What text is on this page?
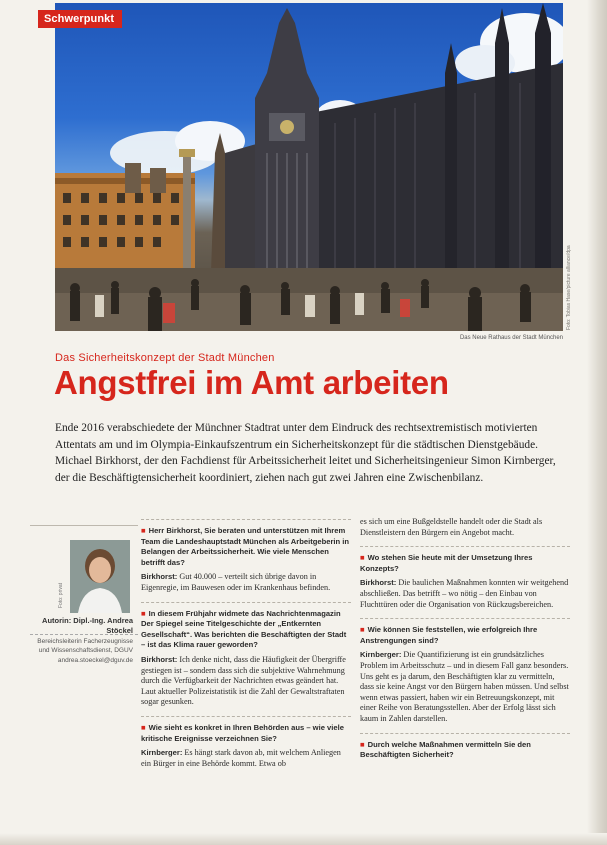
Schwerpunkt
Foto: Tobias Hase/picture alliance/dpa
Das Neue Rathaus der Stadt München
Das Sicherheitskonzept der Stadt München
Angstfrei im Amt arbeiten
Ende 2016 verabschiedete der Münchner Stadtrat unter dem Eindruck des rechtsextremistisch motivierten Attentats am und im Olympia-Einkaufszentrum ein Sicherheitskonzept für die städtischen Dienstgebäude. Michael Birkhorst, der den Fachdienst für Arbeitssicherheit leitet und Sicherheitsingenieur Simon Kirnberger, der die Beschäftigtensicherheit koordiniert, ziehen nach gut zwei Jahren eine Zwischenbilanz.
Foto: privat
Autorin: Dipl.-Ing. Andrea Stöckel
Bereichsleiterin Facherzeugnisse und Wissenschaftsdienst, DGUV
andrea.stoeckel@dguv.de
■ Herr Birkhorst, Sie beraten und unterstützen mit Ihrem Team die Landeshauptstadt München als Arbeitgeberin in Belangen der Arbeitssicherheit. Wie viele Menschen betrifft das?
Birkhorst: Gut 40.000 – verteilt sich übrige davon in Eigenregie, im Bauwesen oder im Krankenhaus befinden.
■ In diesem Frühjahr widmete das Nachrichtenmagazin Der Spiegel seine Titelgeschichte der „Entkernten Gesellschaft“. Was berichten die Beschäftigten der Stadt – ist das Klima rauer geworden?
Birkhorst: Ich denke nicht, dass die Häufigkeit der Übergriffe gestiegen ist – sondern dass sich die subjektive Wahrnehmung durch die Verfügbarkeit der Nachrichten etwas geändert hat. Laut aktueller Polizeistatistik ist die Zahl der Gewaltstraftaten sogar gesunken.
■ Wie sieht es konkret in Ihren Behörden aus – wie viele kritische Ereignisse verzeichnen Sie?
Kirnberger: Es hängt stark davon ab, mit welchem Anliegen ein Bürger in eine Behörde kommt. Etwa ob
es sich um eine Bußgeldstelle handelt oder die Stadt als Dienstleistern den Bürgern ein Angebot macht.
■ Wo stehen Sie heute mit der Umsetzung Ihres Konzepts?
Birkhorst: Die baulichen Maßnahmen konnten wir weitgehend abschließen. Das betrifft – wo nötig – den Einbau von Fluchttüren oder die Organisation von Rückzugsbereichen.
■ Wie können Sie feststellen, wie erfolgreich Ihre Anstrengungen sind?
Kirnberger: Die Quantifizierung ist ein grundsätzliches Problem im Arbeitsschutz – und in diesem Fall ganz besonders. Uns geht es ja darum, den Beschäftigten klar zu vermitteln, dass sie keine Angst vor den Bürgern haben müssen. Und selbst wenn etwas passiert, haben wir ein Betreuungskonzept, mit einer Reihe von Beratungsstellen. Aber der Erfolg lässt sich kaum in Zahlen darstellen.
■ Durch welche Maßnahmen vermitteln Sie den Beschäftigten Sicherheit?
